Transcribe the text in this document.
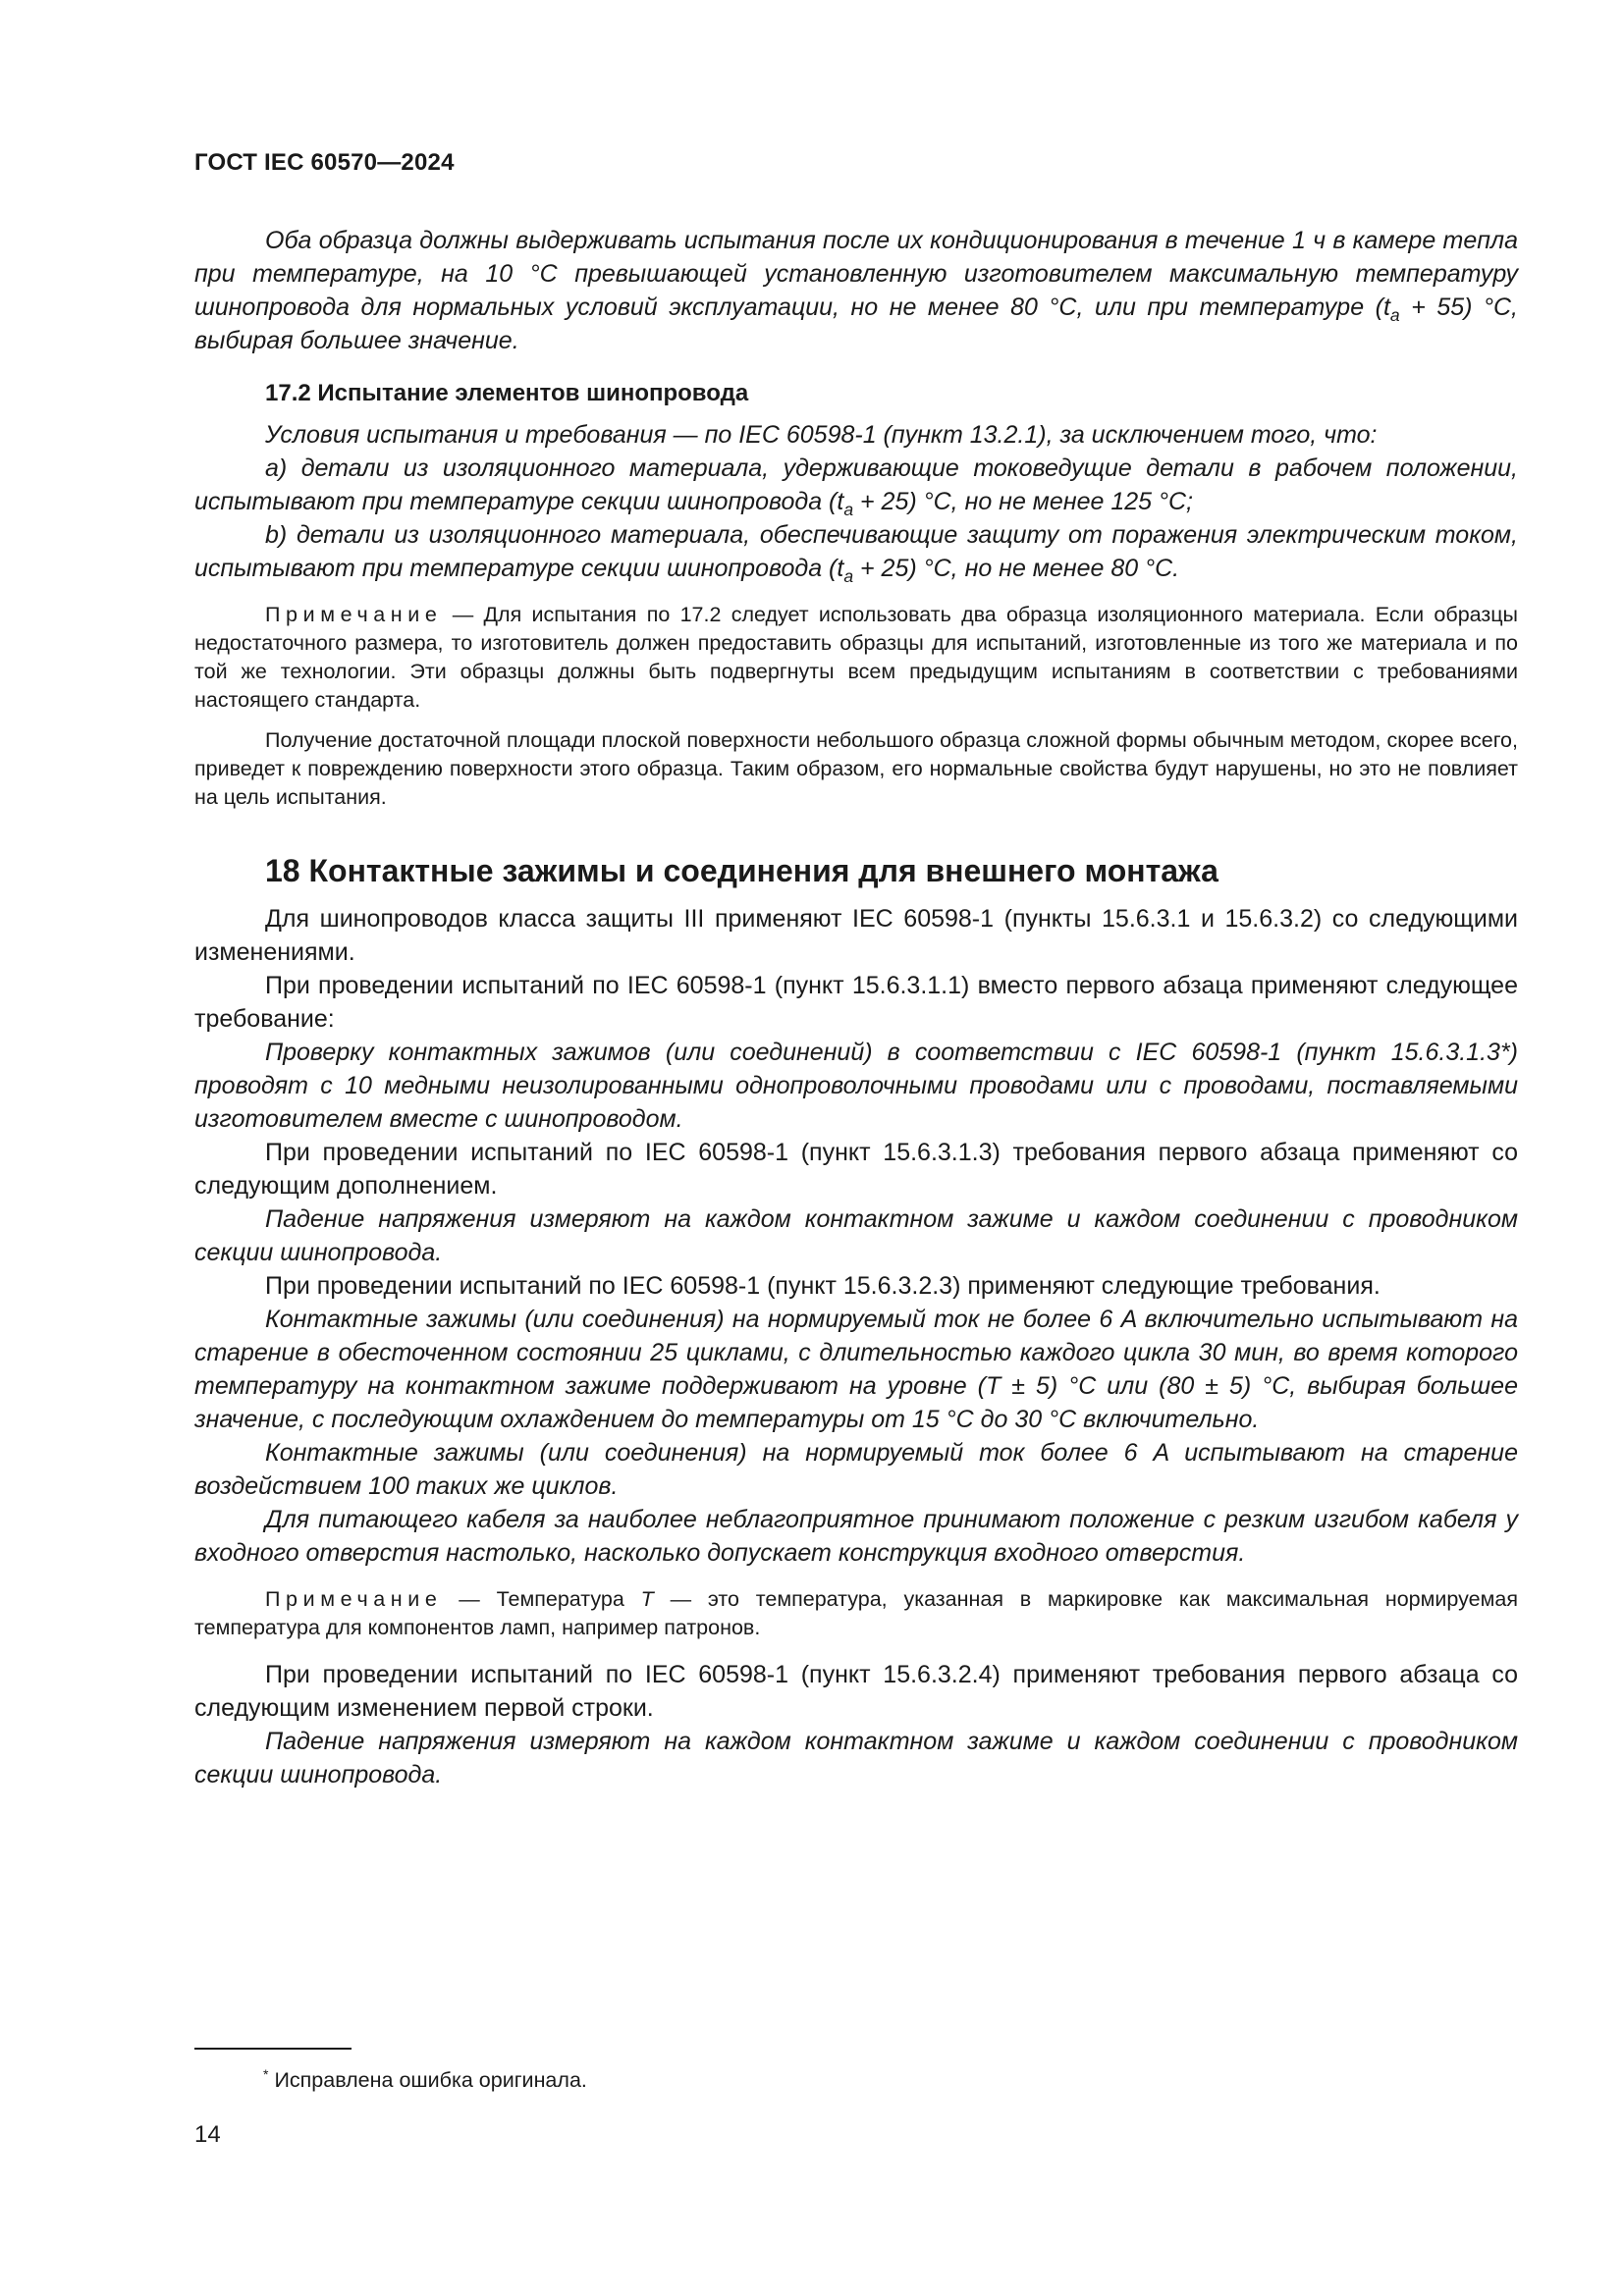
ГОСТ IEC 60570—2024

Оба образца должны выдерживать испытания после их кондиционирования в течение 1 ч в камере тепла при температуре, на 10 °C превышающей установленную изготовителем максимальную температуру шинопровода для нормальных условий эксплуатации, но не менее 80 °C, или при температуре $(t_a + 55)$ °C, выбирая большее значение.

17.2 Испытание элементов шинопровода

Условия испытания и требования — по IEC 60598-1 (пункт 13.2.1), за исключением того, что:

a) детали из изоляционного материала, удерживающие токоведущие детали в рабочем положении, испытывают при температуре секции шинопровода $(t_a + 25)$ °C, но не менее 125 °C;

b) детали из изоляционного материала, обеспечивающие защиту от поражения электрическим током, испытывают при температуре секции шинопровода $(t_a + 25)$ °C, но не менее 80 °C.

Примечание — Для испытания по 17.2 следует использовать два образца изоляционного материала. Если образцы недостаточного размера, то изготовитель должен предоставить образцы для испытаний, изготовленные из того же материала и по той же технологии. Эти образцы должны быть подвергнуты всем предыдущим испытаниям в соответствии с требованиями настоящего стандарта.

Получение достаточной площади плоской поверхности небольшого образца сложной формы обычным методом, скорее всего, приведет к повреждению поверхности этого образца. Таким образом, его нормальные свойства будут нарушены, но это не повлияет на цель испытания.

18 Контактные зажимы и соединения для внешнего монтажа

Для шинопроводов класса защиты III применяют IEC 60598-1 (пункты 15.6.3.1 и 15.6.3.2) со следующими изменениями.

При проведении испытаний по IEC 60598-1 (пункт 15.6.3.1.1) вместо первого абзаца применяют следующее требование:

Проверку контактных зажимов (или соединений) в соответствии с IEC 60598-1 (пункт 15.6.3.1.3*) проводят с 10 медными неизолированными однопроволочными проводами или с проводами, поставляемыми изготовителем вместе с шинопроводом.

При проведении испытаний по IEC 60598-1 (пункт 15.6.3.1.3) требования первого абзаца применяют со следующим дополнением.

Падение напряжения измеряют на каждом контактном зажиме и каждом соединении с проводником секции шинопровода.

При проведении испытаний по IEC 60598-1 (пункт 15.6.3.2.3) применяют следующие требования.

Контактные зажимы (или соединения) на нормируемый ток не более 6 A включительно испытывают на старение в обесточенном состоянии 25 циклами, с длительностью каждого цикла 30 мин, во время которого температуру на контактном зажиме поддерживают на уровне (T ± 5) °C или (80 ± 5) °C, выбирая большее значение, с последующим охлаждением до температуры от 15 °C до 30 °C включительно.

Контактные зажимы (или соединения) на нормируемый ток более 6 A испытывают на старение воздействием 100 таких же циклов.

Для питающего кабеля за наиболее неблагоприятное принимают положение с резким изгибом кабеля у входного отверстия настолько, насколько допускает конструкция входного отверстия.

Примечание — Температура T — это температура, указанная в маркировке как максимальная нормируемая температура для компонентов ламп, например патронов.

При проведении испытаний по IEC 60598-1 (пункт 15.6.3.2.4) применяют требования первого абзаца со следующим изменением первой строки.

Падение напряжения измеряют на каждом контактном зажиме и каждом соединении с проводником секции шинопровода.

* Исправлена ошибка оригинала.
14
